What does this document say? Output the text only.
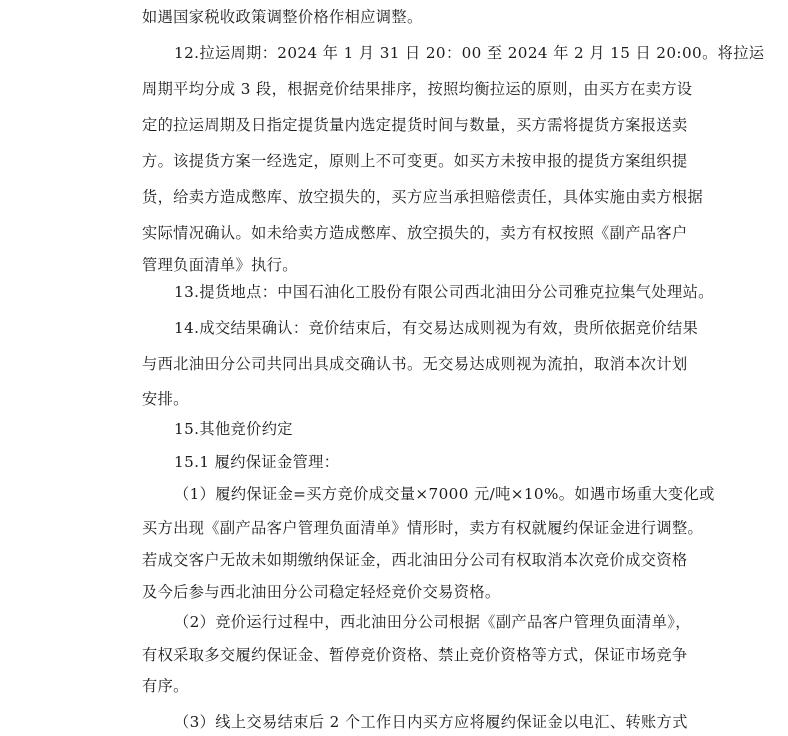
如遇国家税收政策调整价格作相应调整。
12.拉运周期：2024 年 1 月 31 日 20：00 至 2024 年 2 月 15 日 20:00。将拉运
周期平均分成 3 段，根据竞价结果排序，按照均衡拉运的原则，由买方在卖方设
定的拉运周期及日指定提货量内选定提货时间与数量，买方需将提货方案报送卖
方。该提货方案一经选定，原则上不可变更。如买方未按申报的提货方案组织提
货，给卖方造成憋库、放空损失的，买方应当承担赔偿责任，具体实施由卖方根据
实际情况确认。如未给卖方造成憋库、放空损失的，卖方有权按照《副产品客户
管理负面清单》执行。
13.提货地点：中国石油化工股份有限公司西北油田分公司雅克拉集气处理站。
14.成交结果确认：竞价结束后，有交易达成则视为有效，贵所依据竞价结果
与西北油田分公司共同出具成交确认书。无交易达成则视为流拍，取消本次计划
安排。
15.其他竞价约定
15.1 履约保证金管理：
（1）履约保证金=买方竞价成交量×7000 元/吨×10%。如遇市场重大变化或
买方出现《副产品客户管理负面清单》情形时，卖方有权就履约保证金进行调整。
若成交客户无故未如期缴纳保证金，西北油田分公司有权取消本次竞价成交资格
及今后参与西北油田分公司稳定轻烃竞价交易资格。
（2）竞价运行过程中，西北油田分公司根据《副产品客户管理负面清单》，
有权采取多交履约保证金、暂停竞价资格、禁止竞价资格等方式，保证市场竞争
有序。
（3）线上交易结束后 2 个工作日内买方应将履约保证金以电汇、转账方式
